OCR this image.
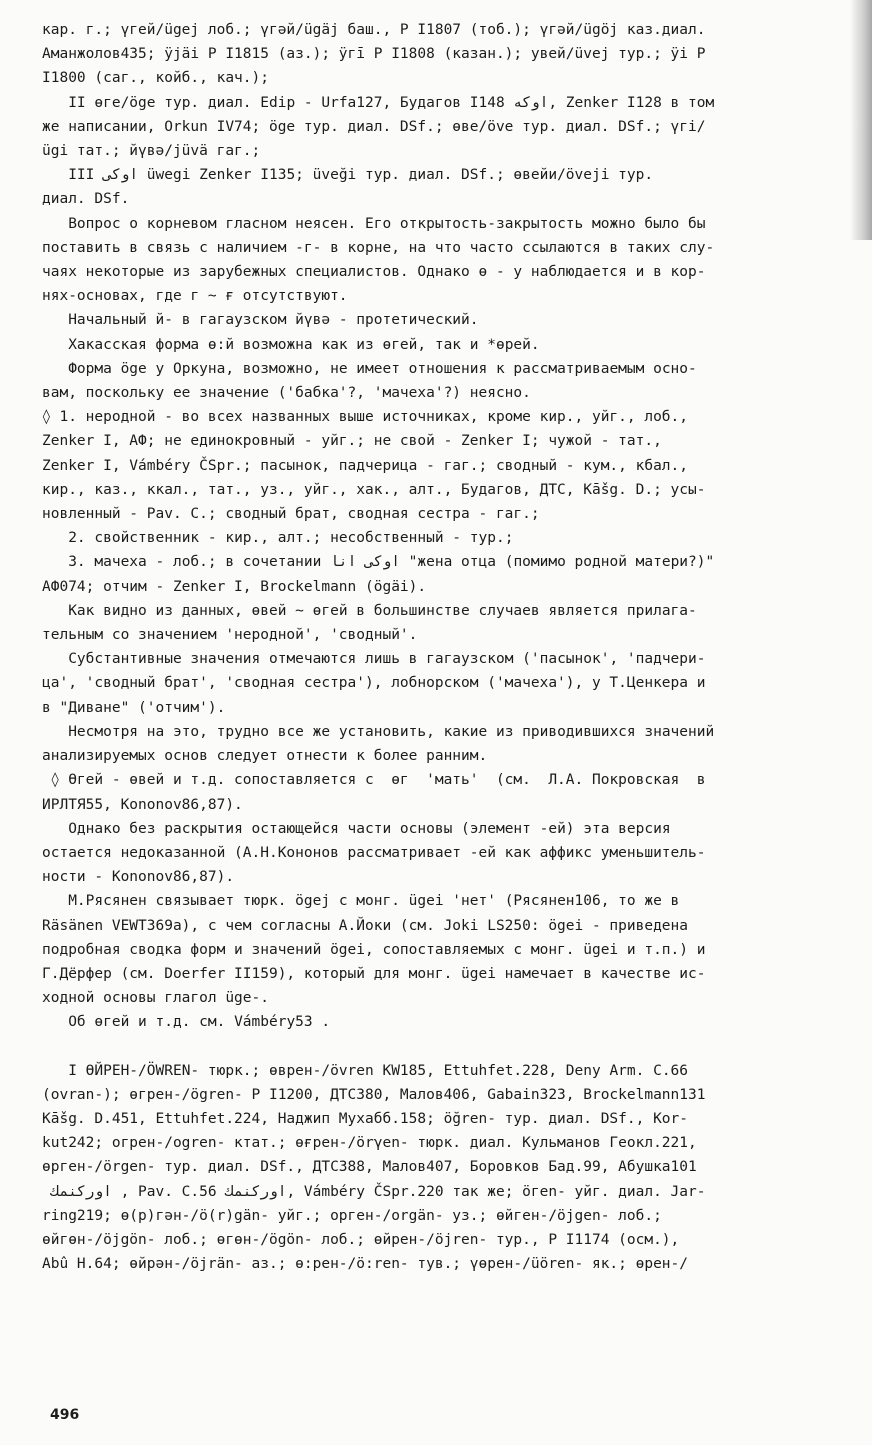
кар. г.; үгей/ügej лоб.; үгәй/ügäj баш., Р I1807 (тоб.); үгәй/ügöj каз.диал.

Аманжолов435; ÿjäi Р I1815 (аз.); ÿгī Р I1808 (казан.); увей/üvej тур.; ÿi Р

I1800 (саг., койб., кач.);

II өге/öge тур. диал. Edip - Urfa127, Будагов I148 اوكه, Zenker I128 в том

же написании, Orkun IV74; öge тур. диал. DSf.; өве/öve тур. диал. DSf.; үгі/

ügi тат.; йүвə/jüvä гаг.;

III اوكى üwegi Zenker I135; üveği тур. диал. DSf.; өвейи/öveji тур.

диал. DSf.

Вопрос о корневом гласном неясен. Его открытость-закрытость можно было бы

поставить в связь с наличием -г- в корне, на что часто ссылаются в таких слу-

чаях некоторые из зарубежных специалистов. Однако ө - у наблюдается и в кор-

нях-основах, где г ~ ғ отсутствуют.

Начальный й- в гагаузском йүвə - протетический.

Хакасская форма ө:й возможна как из өгей, так и *өрей.

Форма öge у Оркуна, возможно, не имеет отношения к рассматриваемым осно-

вам, поскольку ее значение ('бабка'?, 'мачеха'?) неясно.

◊ 1. неродной - во всех названных выше источниках, кроме кир., уйг., лоб.,

Zenker I, АФ; не единокровный - уйг.; не свой - Zenker I; чужой - тат.,

Zenker I, Vámbéry ČSpr.; пасынок, падчерица - гаг.; сводный - кум., кбал.,

кир., каз., ккал., тат., уз., уйг., хак., алт., Будагов, ДТС, Kāšg. D.; усы-

новленный - Pav. C.; сводный брат, сводная сестра - гаг.;

2. свойственник - кир., алт.; несобственный - тур.;

3. мачеха - лоб.; в сочетании اوكى انا "жена отца (помимо родной матери?)"

АФ074; отчим - Zenker I, Brockelmann (ögäi).

Как видно из данных, өвей ~ өгей в большинстве случаев является прилага-

тельным со значением 'неродной', 'сводный'.

Субстантивные значения отмечаются лишь в гагаузском ('пасынок', 'падчери-

ца', 'сводный брат', 'сводная сестра'), лобнорском ('мачеха'), у Т.Ценкера и

в "Диване" ('отчим').

Несмотря на это, трудно все же установить, какие из приводившихся значений

анализируемых основ следует отнести к более ранним.

◊ Өгей - өвей и т.д. сопоставляется с  өг  'мать'  (см.  Л.А. Покровская  в

ИРЛТЯ55, Kononov86,87).

Однако без раскрытия остающейся части основы (элемент -ей) эта версия

остается недоказанной (А.Н.Кононов рассматривает -ей как аффикс уменьшитель-

ности - Kononov86,87).

М.Рясянен связывает тюрк. ögej с монг. ügei 'нет' (Рясянен106, то же в

Räsänen VEWT369a), с чем согласны А.Йоки (см. Joki LS250: ögei - приведена

подробная сводка форм и значений ögei, сопоставляемых с монг. ügei и т.п.) и

Г.Дёрфер (см. Doerfer II159), который для монг. ügei намечает в качестве ис-

ходной основы глагол üge-.

Об өгей и т.д. см. Vámbéry53 .

I ӨЙРЕН-/ÖWREN- тюрк.; өврен-/övren KW185, Ettuhfet.228, Deny Arm. C.66

(ovran-); өгрен-/ögren- Р I1200, ДТС380, Малов406, Gabain323, Brockelmann131

Kāšg. D.451, Ettuhfet.224, Наджип Мухабб.158; öğren- тур. диал. DSf., Kor-

kut242; огрен-/ogren- ктат.; өғрен-/örγen- тюрк. диал. Кульманов Геокл.221,

өрген-/örgen- тур. диал. DSf., ДТС388, Малов407, Боровков Бад.99, Абушка101

اوركنمك , Pav. C.56 اوركنمك, Vámbéry ČSpr.220 так же; öгеn- уйг. диал. Jar-

ring219; ө(р)гән-/ö(r)gän- уйг.; орген-/orgän- уз.; өйген-/öjgen- лоб.;

өйгөн-/öjgön- лоб.; өгөн-/ögön- лоб.; өйрен-/öjren- тур., Р I1174 (осм.),

Abû H.64; өйрән-/öjrän- аз.; ө:рен-/ö:ren- тув.; үөрен-/üören- як.; өрен-/

496
